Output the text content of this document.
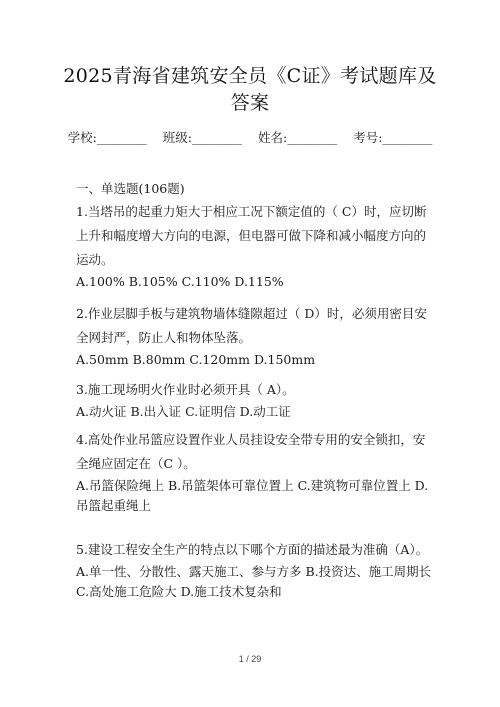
2025青海省建筑安全员《C证》考试题库及
答案
学校:________ 班级:________ 姓名:________ 考号:________
一、单选题(106题)
1.当塔吊的起重力矩大于相应工况下额定值的（ C）时，应切断上升和幅度增大方向的电源，但电器可做下降和减小幅度方向的运动。
A.100% B.105% C.110% D.115%
2.作业层脚手板与建筑物墙体缝隙超过（ D）时，必须用密目安全网封严，防止人和物体坠落。
A.50mm B.80mm C.120mm D.150mm
3.施工现场明火作业时必须开具（ A）。
A.动火证 B.出入证 C.证明信 D.动工证
4.高处作业吊篮应设置作业人员挂设安全带专用的安全锁扣，安全绳应固定在（C ）。
A.吊篮保险绳上 B.吊篮架体可靠位置上 C.建筑物可靠位置上 D.吊篮起重绳上
5.建设工程安全生产的特点以下哪个方面的描述最为准确（A）。
A.单一性、分散性、露天施工、参与方多 B.投资达、施工周期长 C.高处施工危险大 D.施工技术复杂和
1 / 29
